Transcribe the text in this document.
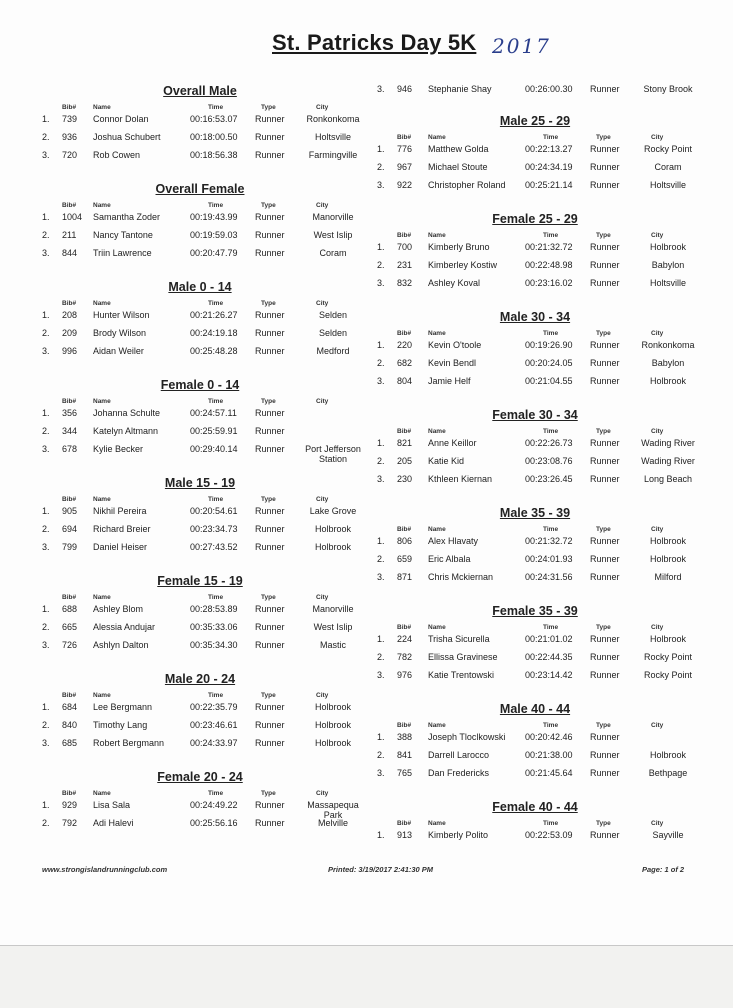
St. Patricks Day 5K 2017
Overall Male
Bib#	Name	Time	Type	City
1. 739 Connor Dolan	00:16:53.07 Runner	Ronkonkoma
2. 936 Joshua Schubert	00:18:00.50 Runner	Holtsville
3. 720 Rob Cowen	00:18:56.38 Runner	Farmingville
Overall Female
Bib#	Name	Time	Type	City
1. 1004 Samantha Zoder	00:19:43.99 Runner	Manorville
2. 211 Nancy Tantone	00:19:59.03 Runner	West Islip
3. 844 Triin Lawrence	00:20:47.79 Runner	Coram
Male 0 - 14
Bib#	Name	Time	Type	City
1. 208 Hunter Wilson	00:21:26.27 Runner	Selden
2. 209 Brody Wilson	00:24:19.18 Runner	Selden
3. 996 Aidan Weiler	00:25:48.28 Runner	Medford
Female 0 - 14
Bib#	Name	Time	Type	City
1. 356 Johanna Schulte	00:24:57.11 Runner
2. 344 Katelyn Altmann	00:25:59.91 Runner
3. 678 Kylie Becker	00:29:40.14 Runner	Port Jefferson Station
Male 15 - 19
Bib#	Name	Time	Type	City
1. 905 Nikhil Pereira	00:20:54.61 Runner	Lake Grove
2. 694 Richard Breier	00:23:34.73 Runner	Holbrook
3. 799 Daniel Heiser	00:27:43.52 Runner	Holbrook
Female 15 - 19
Bib#	Name	Time	Type	City
1. 688 Ashley Blom	00:28:53.89 Runner	Manorville
2. 665 Alessia Andujar	00:35:33.06 Runner	West Islip
3. 726 Ashlyn Dalton	00:35:34.30 Runner	Mastic
Male 20 - 24
Bib#	Name	Time	Type	City
1. 684 Lee Bergmann	00:22:35.79 Runner	Holbrook
2. 840 Timothy Lang	00:23:46.61 Runner	Holbrook
3. 685 Robert Bergmann	00:24:33.97 Runner	Holbrook
Female 20 - 24
Bib#	Name	Time	Type	City
1. 929 Lisa Sala	00:24:49.22 Runner	Massapequa Park
2. 792 Adi Halevi	00:25:56.16 Runner	Melville
Male 25 - 29
Bib#	Name	Time	Type	City
1. 776 Matthew Golda	00:22:13.27 Runner	Rocky Point
2. 967 Michael Stoute	00:24:34.19 Runner	Coram
3. 922 Christopher Roland 00:25:21.14 Runner	Holtsville
Female 25 - 29
Bib#	Name	Time	Type	City
1. 700 Kimberly Bruno	00:21:32.72 Runner	Holbrook
2. 231 Kimberley Kostiw	00:22:48.98 Runner	Babylon
3. 832 Ashley Koval	00:23:16.02 Runner	Holtsville
Male 30 - 34
Bib#	Name	Time	Type	City
1. 220 Kevin O'toole	00:19:26.90 Runner	Ronkonkoma
2. 682 Kevin Bendl	00:20:24.05 Runner	Babylon
3. 804 Jamie Helf	00:21:04.55 Runner	Holbrook
Female 30 - 34
Bib#	Name	Time	Type	City
1. 821 Anne Keillor	00:22:26.73 Runner	Wading River
2. 205 Katie Kid	00:23:08.76 Runner	Wading River
3. 230 Kthleen Kiernan	00:23:26.45 Runner	Long Beach
Male 35 - 39
Bib#	Name	Time	Type	City
1. 806 Alex Hlavaty	00:21:32.72 Runner	Holbrook
2. 659 Eric Albala	00:24:01.93 Runner	Holbrook
3. 871 Chris Mckiernan	00:24:31.56 Runner	Milford
Female 35 - 39
Bib#	Name	Time	Type	City
1. 224 Trisha Sicurella	00:21:01.02 Runner	Holbrook
2. 782 Ellissa Gravinese	00:22:44.35 Runner	Rocky Point
3. 976 Katie Trentowski	00:23:14.42 Runner	Rocky Point
Male 40 - 44
Bib#	Name	Time	Type	City
1. 388 Joseph Tloclkowski 00:20:42.46 Runner
2. 841 Darrell Larocco	00:21:38.00 Runner	Holbrook
3. 765 Dan Fredericks	00:21:45.64 Runner	Bethpage
Female 40 - 44
Bib#	Name	Time	Type	City
1. 913 Kimberly Polito	00:22:53.09 Runner	Sayville
3. 946 Stephanie Shay	00:26:00.30 Runner	Stony Brook
www.strongislandrunningclub.com	Printed: 3/19/2017 2:41:30 PM	Page: 1 of 2
